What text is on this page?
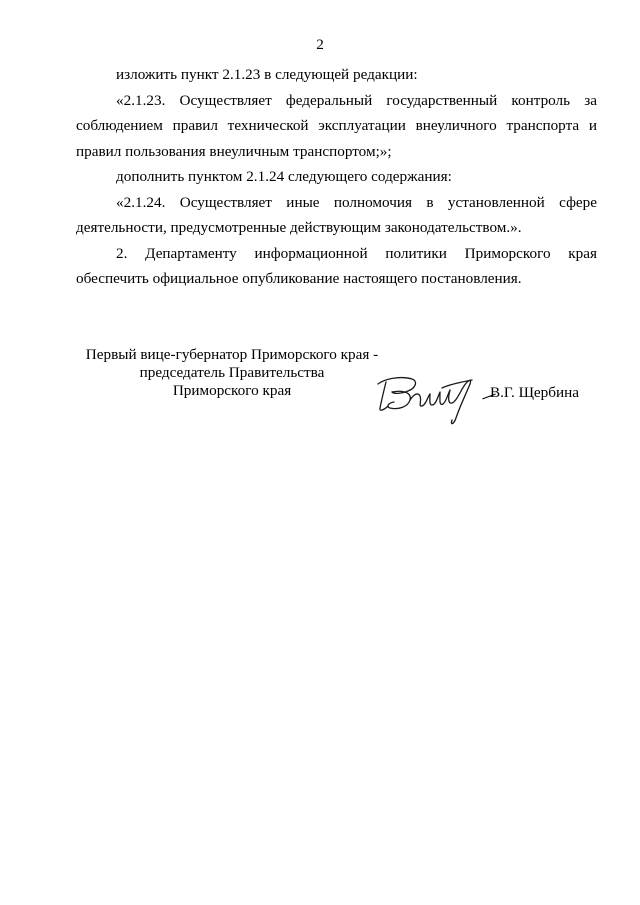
2

изложить пункт 2.1.23 в следующей редакции:

«2.1.23. Осуществляет федеральный государственный контроль за соблюдением правил технической эксплуатации внеуличного транспорта и правил пользования внеуличным транспортом;»;

дополнить пунктом 2.1.24 следующего содержания:

«2.1.24. Осуществляет иные полномочия в установленной сфере деятельности, предусмотренные действующим законодательством.».

2. Департаменту информационной политики Приморского края обеспечить официальное опубликование настоящего постановления.

Первый вице-губернатор Приморского края -
председатель Правительства
Приморского края	В.Г. Щербина
